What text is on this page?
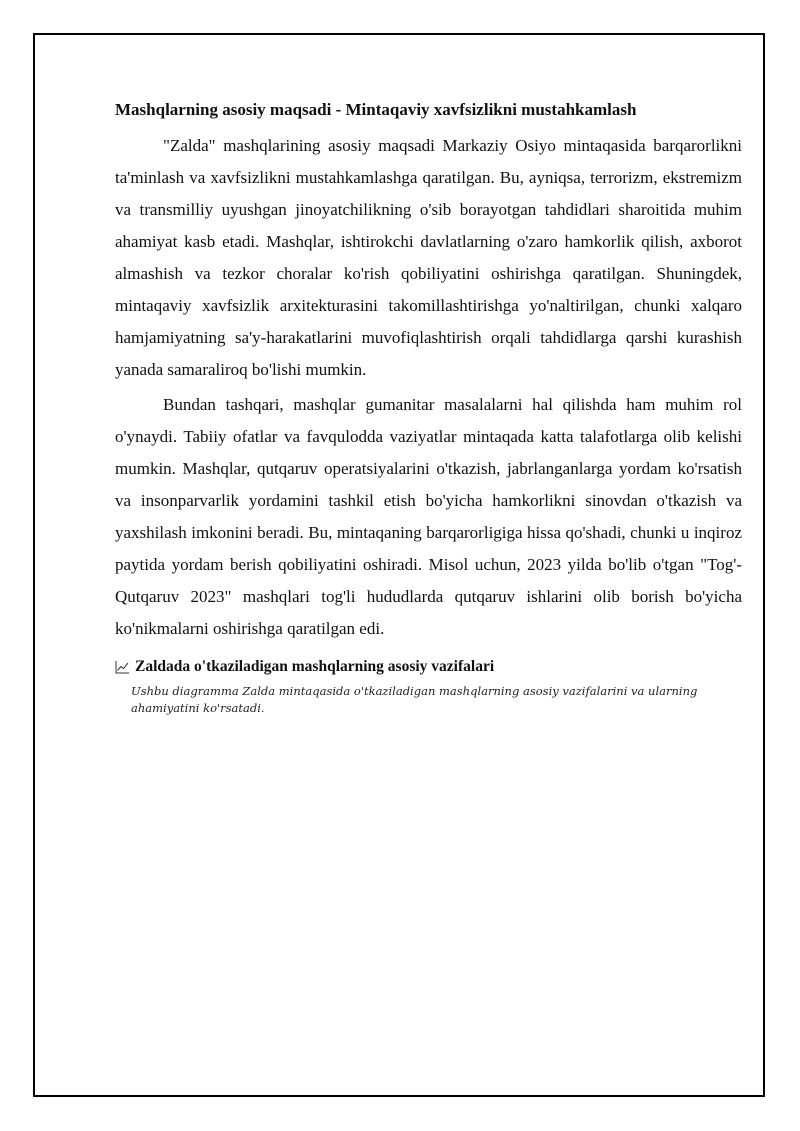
Mashqlarning asosiy maqsadi - Mintaqaviy xavfsizlikni mustahkamlash

"Zalda" mashqlarining asosiy maqsadi Markaziy Osiyo mintaqasida barqarorlikni ta'minlash va xavfsizlikni mustahkamlashga qaratilgan. Bu, ayniqsa, terrorizm, ekstremizm va transmilliy uyushgan jinoyatchilikning o'sib borayotgan tahdidlari sharoitida muhim ahamiyat kasb etadi. Mashqlar, ishtirokchi davlatlarning o'zaro hamkorlik qilish, axborot almashish va tezkor choralar ko'rish qobiliyatini oshirishga qaratilgan. Shuningdek, mintaqaviy xavfsizlik arxitekturasini takomillashtirishga yo'naltirilgan, chunki xalqaro hamjamiyatning sa'y-harakatlarini muvofiqlashtirish orqali tahdidlarga qarshi kurashish yanada samaraliroq bo'lishi mumkin.

Bundan tashqari, mashqlar gumanitar masalalarni hal qilishda ham muhim rol o'ynaydi. Tabiiy ofatlar va favqulodda vaziyatlar mintaqada katta talafotlarga olib kelishi mumkin. Mashqlar, qutqaruv operatsiyalarini o'tkazish, jabrlanganlarga yordam ko'rsatish va insonparvarlik yordamini tashkil etish bo'yicha hamkorlikni sinovdan o'tkazish va yaxshilash imkonini beradi. Bu, mintaqaning barqarorligiga hissa qo'shadi, chunki u inqiroz paytida yordam berish qobiliyatini oshiradi. Misol uchun, 2023 yilda bo'lib o'tgan "Tog'-Qutqaruv 2023" mashqlari tog'li hududlarda qutqaruv ishlarini olib borish bo'yicha ko'nikmalarni oshirishga qaratilgan edi.

Zaldada o'tkaziladigan mashqlarning asosiy vazifalari
Ushbu diagramma Zalda mintaqasida o'tkaziladigan mashqlarning asosiy vazifalarini va ularning ahamiyatini ko'rsatadi.
